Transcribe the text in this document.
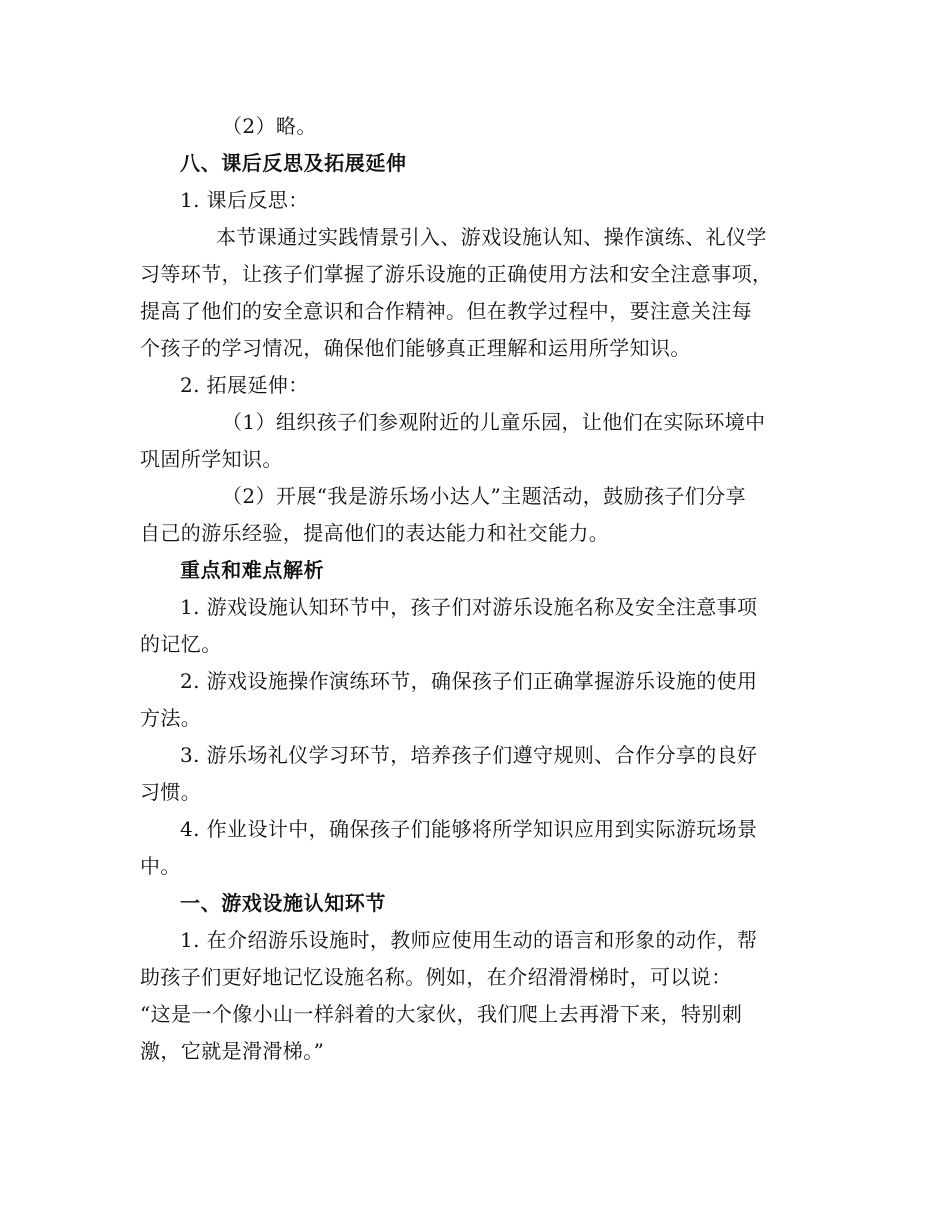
（2）略。
八、课后反思及拓展延伸
1. 课后反思：
本节课通过实践情景引入、游戏设施认知、操作演练、礼仪学
习等环节，让孩子们掌握了游乐设施的正确使用方法和安全注意事项，
提高了他们的安全意识和合作精神。但在教学过程中，要注意关注每
个孩子的学习情况，确保他们能够真正理解和运用所学知识。
2. 拓展延伸：
（1）组织孩子们参观附近的儿童乐园，让他们在实际环境中
巩固所学知识。
（2）开展“我是游乐场小达人”主题活动，鼓励孩子们分享
自己的游乐经验，提高他们的表达能力和社交能力。
重点和难点解析
1. 游戏设施认知环节中，孩子们对游乐设施名称及安全注意事项
的记忆。
2. 游戏设施操作演练环节，确保孩子们正确掌握游乐设施的使用
方法。
3. 游乐场礼仪学习环节，培养孩子们遵守规则、合作分享的良好
习惯。
4. 作业设计中，确保孩子们能够将所学知识应用到实际游玩场景
中。
一、游戏设施认知环节
1. 在介绍游乐设施时，教师应使用生动的语言和形象的动作，帮
助孩子们更好地记忆设施名称。例如，在介绍滑滑梯时，可以说：
“这是一个像小山一样斜着的大家伙，我们爬上去再滑下来，特别刺
激，它就是滑滑梯。”
